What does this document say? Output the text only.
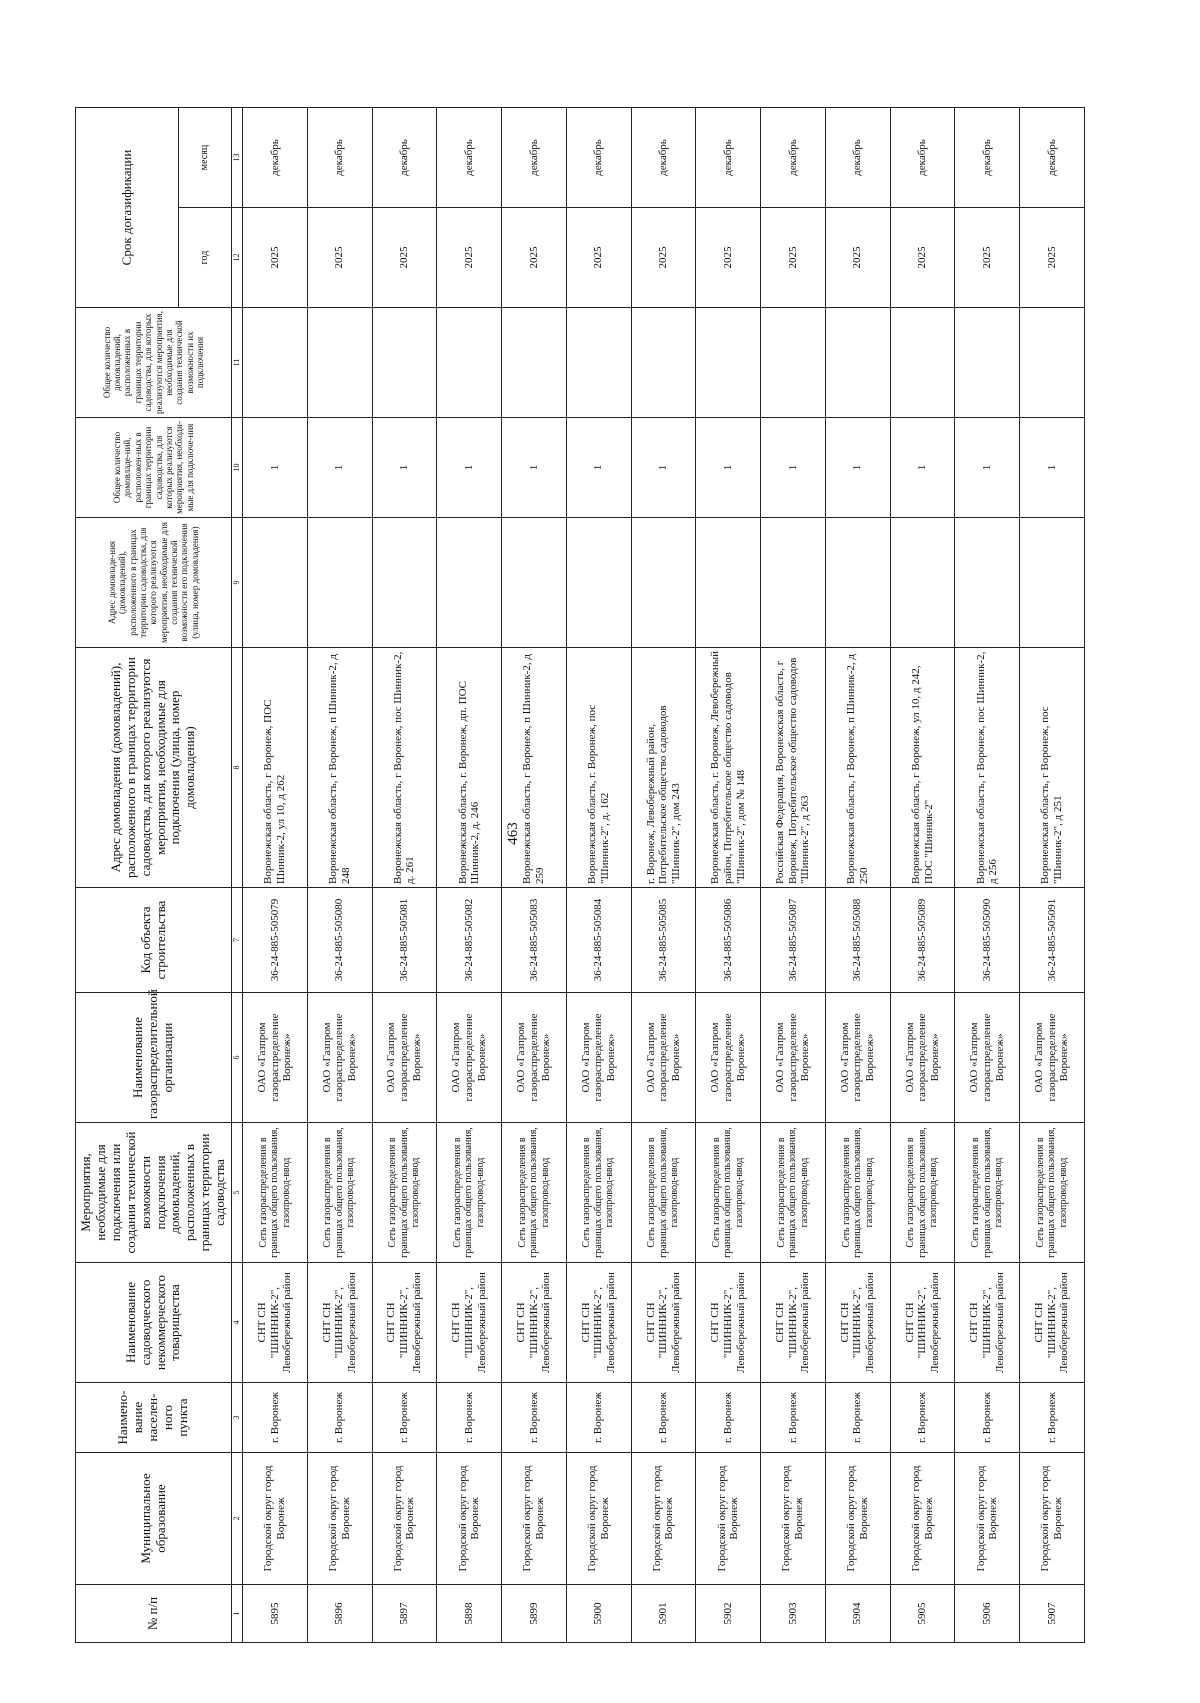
463
№ п/п	Муниципальное образование	Наимено-вание населен-ного пункта	Наименование садоводческого некоммерческого товарищества	Мероприятия, необходимые для подключения или создания технической возможности подключения домовладений, расположенных в границах территории садоводства	Наименование газораспределительной организации	Код объекта строительства	Адрес домовладения (домовладений), расположенного в границах территории садоводства, для которого реализуются мероприятия, необходимые для подключения (улица, номер домовладения)	Адрес домовладе-ния (домовладений), расположенного в границах территории садоводства, для которого реализуются мероприятия, необходимые для создания технической возможности его подключения (улица, номер домовладения)	Общее количество домовладе-ний, расположен-ных в границах территории садоводства, для которых реализуются мероприятия, необходи-мые для подключе-ния	Общее количество домовладений, расположенных в границах территории садоводства, для которых реализуются мероприятия, необходимые для создания технической возможности их подключения	Срок догазификации	
											год	месяц
1	2	3	4	5	6	7	8	9	10	11	12	13
5895	Городской округ город Воронеж	г. Воронеж	СНТ СН "ШИННИК-2", Левобережный район	Сеть газораспределения в границах общего пользования, газопровод-ввод	ОАО «Газпром газораспределение Воронеж»	36-24-885-505079	Воронежская область, г Воронеж, ПОС Шинник-2, ул 10, д 262		1		2025	декабрь
5896	Городской округ город Воронеж	г. Воронеж	СНТ СН "ШИННИК-2", Левобережный район	Сеть газораспределения в границах общего пользования, газопровод-ввод	ОАО «Газпром газораспределение Воронеж»	36-24-885-505080	Воронежская область, г Воронеж, п Шинник-2, д 248		1		2025	декабрь
5897	Городской округ город Воронеж	г. Воронеж	СНТ СН "ШИННИК-2", Левобережный район	Сеть газораспределения в границах общего пользования, газопровод-ввод	ОАО «Газпром газораспределение Воронеж»	36-24-885-505081	Воронежская область, г Воронеж, пос Шинник-2, д. 261		1		2025	декабрь
5898	Городской округ город Воронеж	г. Воронеж	СНТ СН "ШИННИК-2", Левобережный район	Сеть газораспределения в границах общего пользования, газопровод-ввод	ОАО «Газпром газораспределение Воронеж»	36-24-885-505082	Воронежская область, г. Воронеж, дп. ПОС Шинник-2, д. 246		1		2025	декабрь
5899	Городской округ город Воронеж	г. Воронеж	СНТ СН "ШИННИК-2", Левобережный район	Сеть газораспределения в границах общего пользования, газопровод-ввод	ОАО «Газпром газораспределение Воронеж»	36-24-885-505083	Воронежская область, г Воронеж, п Шинник-2, д 259		1		2025	декабрь
5900	Городской округ город Воронеж	г. Воронеж	СНТ СН "ШИННИК-2", Левобережный район	Сеть газораспределения в границах общего пользования, газопровод-ввод	ОАО «Газпром газораспределение Воронеж»	36-24-885-505084	Воронежская область, г. Воронеж, пос "Шинник-2", д. 162		1		2025	декабрь
5901	Городской округ город Воронеж	г. Воронеж	СНТ СН "ШИННИК-2", Левобережный район	Сеть газораспределения в границах общего пользования, газопровод-ввод	ОАО «Газпром газораспределение Воронеж»	36-24-885-505085	г. Воронеж, Левобережный район, Потребительское общество садоводов "Шинник-2", дом 243		1		2025	декабрь
5902	Городской округ город Воронеж	г. Воронеж	СНТ СН "ШИННИК-2", Левобережный район	Сеть газораспределения в границах общего пользования, газопровод-ввод	ОАО «Газпром газораспределение Воронеж»	36-24-885-505086	Воронежская область, г. Воронеж, Левобережный район, Потребительское общество садоводов "Шинник-2", дом № 148		1		2025	декабрь
5903	Городской округ город Воронеж	г. Воронеж	СНТ СН "ШИННИК-2", Левобережный район	Сеть газораспределения в границах общего пользования, газопровод-ввод	ОАО «Газпром газораспределение Воронеж»	36-24-885-505087	Российская Федерация, Воронежская область, г Воронеж, Потребительское общество садоводов "Шинник-2", д 263		1		2025	декабрь
5904	Городской округ город Воронеж	г. Воронеж	СНТ СН "ШИННИК-2", Левобережный район	Сеть газораспределения в границах общего пользования, газопровод-ввод	ОАО «Газпром газораспределение Воронеж»	36-24-885-505088	Воронежская область, г Воронеж, п Шинник-2, д 250		1		2025	декабрь
5905	Городской округ город Воронеж	г. Воронеж	СНТ СН "ШИННИК-2", Левобережный район	Сеть газораспределения в границах общего пользования, газопровод-ввод	ОАО «Газпром газораспределение Воронеж»	36-24-885-505089	Воронежская область, г Воронеж, ул 10, д 242, ПОС "Шинник-2"		1		2025	декабрь
5906	Городской округ город Воронеж	г. Воронеж	СНТ СН "ШИННИК-2", Левобережный район	Сеть газораспределения в границах общего пользования, газопровод-ввод	ОАО «Газпром газораспределение Воронеж»	36-24-885-505090	Воронежская область, г Воронеж, пос Шинник-2, д 256		1		2025	декабрь
5907	Городской округ город Воронеж	г. Воронеж	СНТ СН "ШИННИК-2", Левобережный район	Сеть газораспределения в границах общего пользования, газопровод-ввод	ОАО «Газпром газораспределение Воронеж»	36-24-885-505091	Воронежская область, г Воронеж, пос "Шинник-2", д 251		1		2025	декабрь
